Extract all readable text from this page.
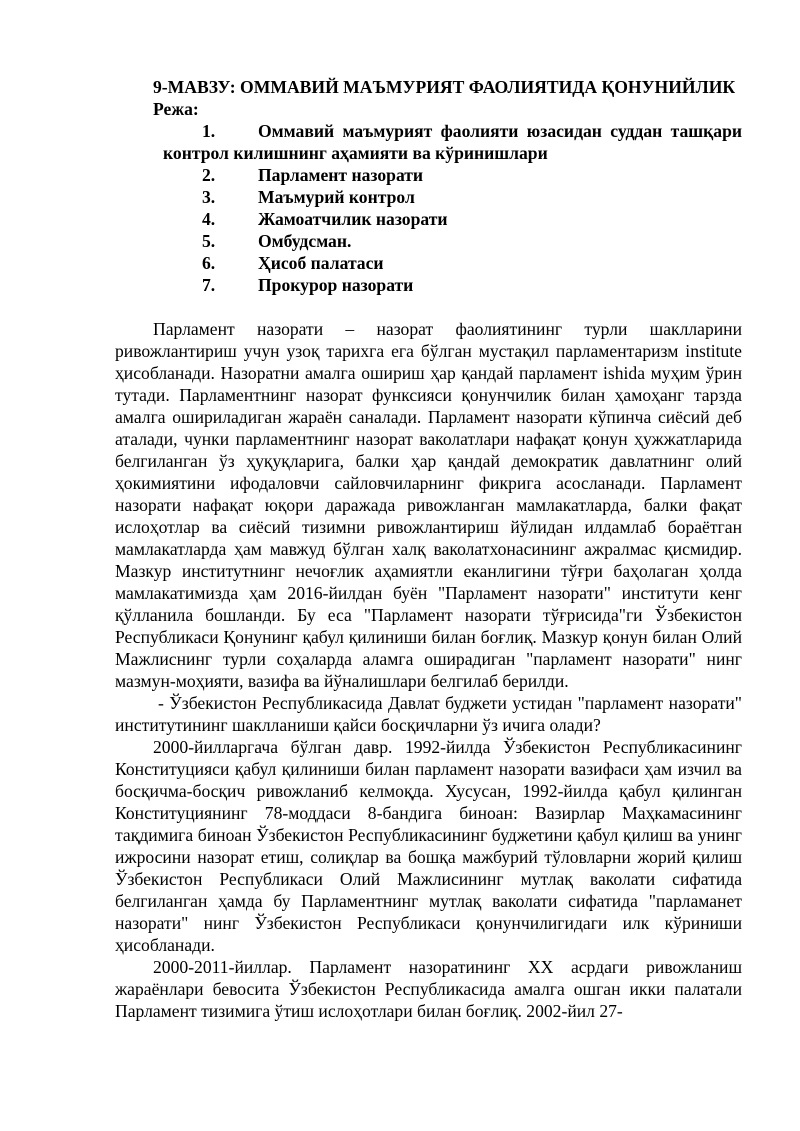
9-МАВЗУ: ОММАВИЙ МАЪМУРИЯТ ФАОЛИЯТИДА ҚОНУНИЙЛИК

Режа:

1.	Оммавий маъмурият фаолияти юзасидан суддан ташқари контрол килишнинг аҳамияти ва кўринишлари
2.	Парламент назорати
3.	Маъмурий контрол
4.	Жамоатчилик назорати
5.	Омбудсман.
6.	Ҳисоб палатаси
7.	Прокурор назорати

Парламент назорати – назорат фаолиятининг турли шаклларини ривожлантириш учун узоқ тарихга ега бўлган мустақил парламентаризм institute ҳисобланади. Назоратни амалга ошириш ҳар қандай парламент ishida муҳим ўрин тутади. Парламентнинг назорат функсияси қонунчилик билан ҳамоҳанг тарзда амалга ошириладиган жараён саналади. Парламент назорати кўпинча сиёсий деб аталади, чунки парламентнинг назорат ваколатлари нафақат қонун ҳужжатларида белгиланган ўз ҳуқуқларига, балки ҳар қандай демократик давлатнинг олий ҳокимиятини ифодаловчи сайловчиларнинг фикрига асосланади. Парламент назорати нафақат юқори даражада ривожланган мамлакатларда, балки фақат ислоҳотлар ва сиёсий тизимни ривожлантириш йўлидан илдамлаб бораётган мамлакатларда ҳам мавжуд бўлган халқ ваколатхонасининг ажралмас қисмидир. Мазкур институтнинг нечоғлик аҳамиятли еканлигини тўғри баҳолаган ҳолда мамлакатимизда ҳам 2016-йилдан буён "Парламент назорати" институти кенг қўлланила бошланди. Бу еса "Парламент назорати тўғрисида"ги Ўзбекистон Республикаси Қонунинг қабул қилиниши билан боғлиқ. Мазкур қонун билан Олий Мажлиснинг турли соҳаларда аламга оширадиган "парламент назорати" нинг мазмун-моҳияти, вазифа ва йўналишлари белгилаб берилди.

- Ўзбекистон Республикасида Давлат буджети устидан "парламент назорати" институтининг шаклланиши қайси босқичларни ўз ичига олади?

2000-йилларгача бўлган давр. 1992-йилда Ўзбекистон Республикасининг Конституцияси қабул қилиниши билан парламент назорати вазифаси ҳам изчил ва босқичма-босқич ривожланиб келмоқда. Хусусан, 1992-йилда қабул қилинган Конституциянинг 78-моддаси 8-бандига биноан: Вазирлар Маҳкамасининг тақдимига биноан Ўзбекистон Республикасининг буджетини қабул қилиш ва унинг ижросини назорат етиш, солиқлар ва бошқа мажбурий тўловларни жорий қилиш Ўзбекистон Республикаси Олий Мажлисининг мутлақ ваколати сифатида белгиланган ҳамда бу Парламентнинг мутлақ ваколати сифатида "парламанет назорати" нинг Ўзбекистон Республикаси қонунчилигидаги илк кўриниши ҳисобланади.

2000-2011-йиллар. Парламент назоратининг ХХ асрдаги ривожланиш жараёнлари бевосита Ўзбекистон Республикасида амалга ошган икки палатали Парламент тизимига ўтиш ислоҳотлари билан боғлиқ. 2002-йил 27-
